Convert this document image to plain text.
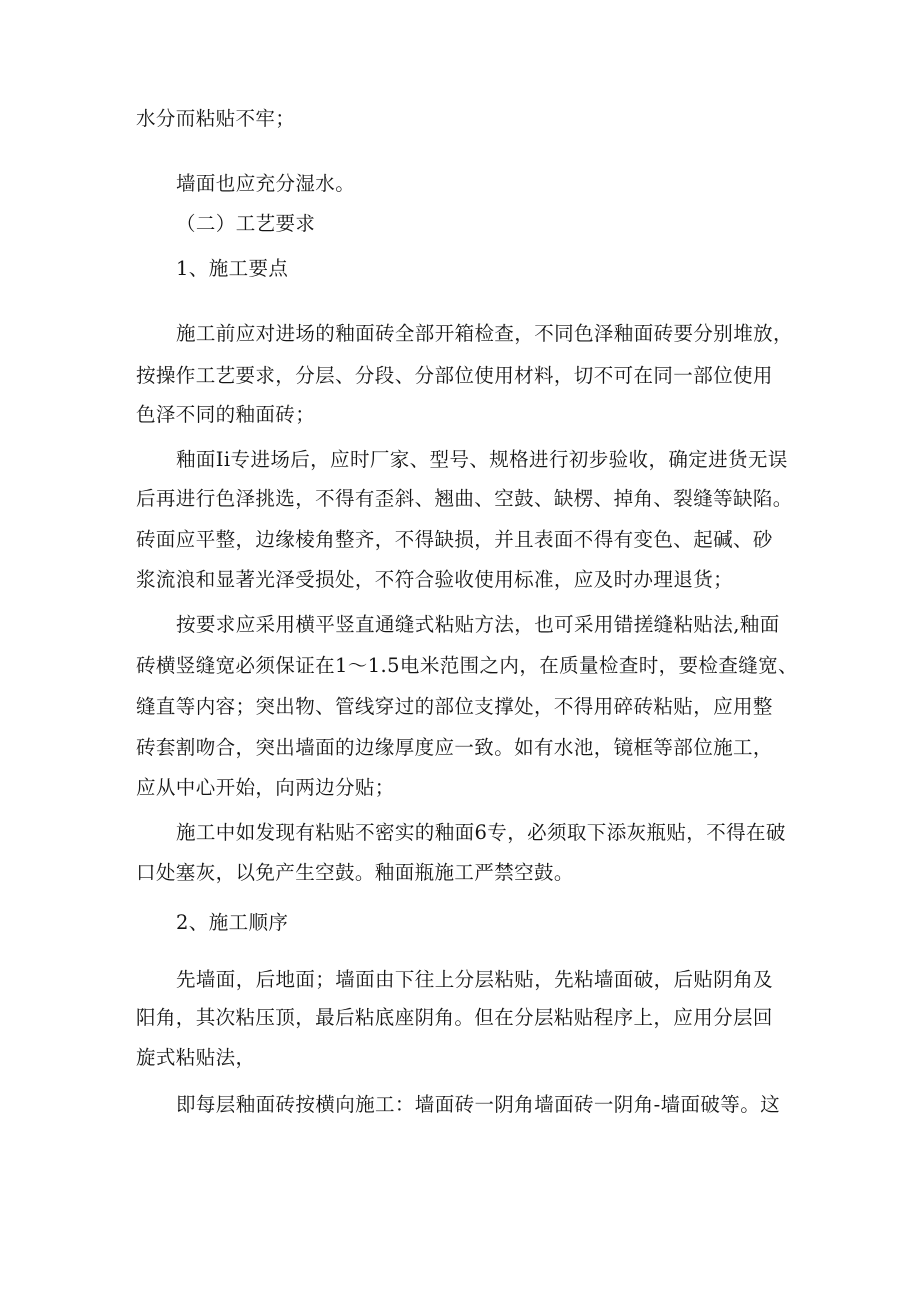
水分而粘贴不牢；

墙面也应充分湿水。

（二）工艺要求

1、施工要点

施工前应对进场的釉面砖全部开箱检查，不同色泽釉面砖要分别堆放，

按操作工艺要求，分层、分段、分部位使用材料，切不可在同一部位使用

色泽不同的釉面砖；

釉面Ii专进场后，应时厂家、型号、规格进行初步验收，确定进货无误

后再进行色泽挑选，不得有歪斜、翘曲、空鼓、缺楞、掉角、裂缝等缺陷。

砖面应平整，边缘棱角整齐，不得缺损，并且表面不得有变色、起碱、砂

浆流浪和显著光泽受损处，不符合验收使用标准，应及时办理退货；

按要求应采用横平竖直通缝式粘贴方法，也可采用错搓缝粘贴法,釉面

砖横竖缝宽必须保证在1～1.5电米范围之内，在质量检查时，要检查缝宽、

缝直等内容；突出物、管线穿过的部位支撑处，不得用碎砖粘贴，应用整

砖套割吻合，突出墙面的边缘厚度应一致。如有水池，镜框等部位施工，

应从中心开始，向两边分贴；

施工中如发现有粘贴不密实的釉面6专，必须取下添灰瓶贴，不得在破

口处塞灰，以免产生空鼓。釉面瓶施工严禁空鼓。

2、施工顺序

先墙面，后地面；墙面由下往上分层粘贴，先粘墙面破，后贴阴角及

阳角，其次粘压顶，最后粘底座阴角。但在分层粘贴程序上，应用分层回

旋式粘贴法，

即每层釉面砖按横向施工：墙面砖一阴角墙面砖一阴角-墙面破等。这
